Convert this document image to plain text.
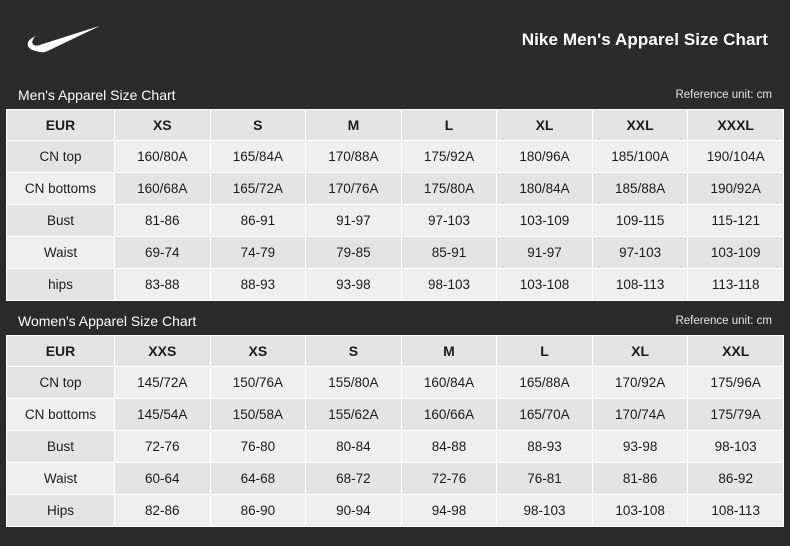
Nike Men's Apparel Size Chart
Men's Apparel Size Chart	Reference unit: cm
EUR	XS	S	M	L	XL	XXL	XXXL
CN top	160/80A	165/84A	170/88A	175/92A	180/96A	185/100A	190/104A
CN bottoms	160/68A	165/72A	170/76A	175/80A	180/84A	185/88A	190/92A
Bust	81-86	86-91	91-97	97-103	103-109	109-115	115-121
Waist	69-74	74-79	79-85	85-91	91-97	97-103	103-109
hips	83-88	88-93	93-98	98-103	103-108	108-113	113-118
Women's Apparel Size Chart	Reference unit: cm
EUR	XXS	XS	S	M	L	XL	XXL
CN top	145/72A	150/76A	155/80A	160/84A	165/88A	170/92A	175/96A
CN bottoms	145/54A	150/58A	155/62A	160/66A	165/70A	170/74A	175/79A
Bust	72-76	76-80	80-84	84-88	88-93	93-98	98-103
Waist	60-64	64-68	68-72	72-76	76-81	81-86	86-92
Hips	82-86	86-90	90-94	94-98	98-103	103-108	108-113
